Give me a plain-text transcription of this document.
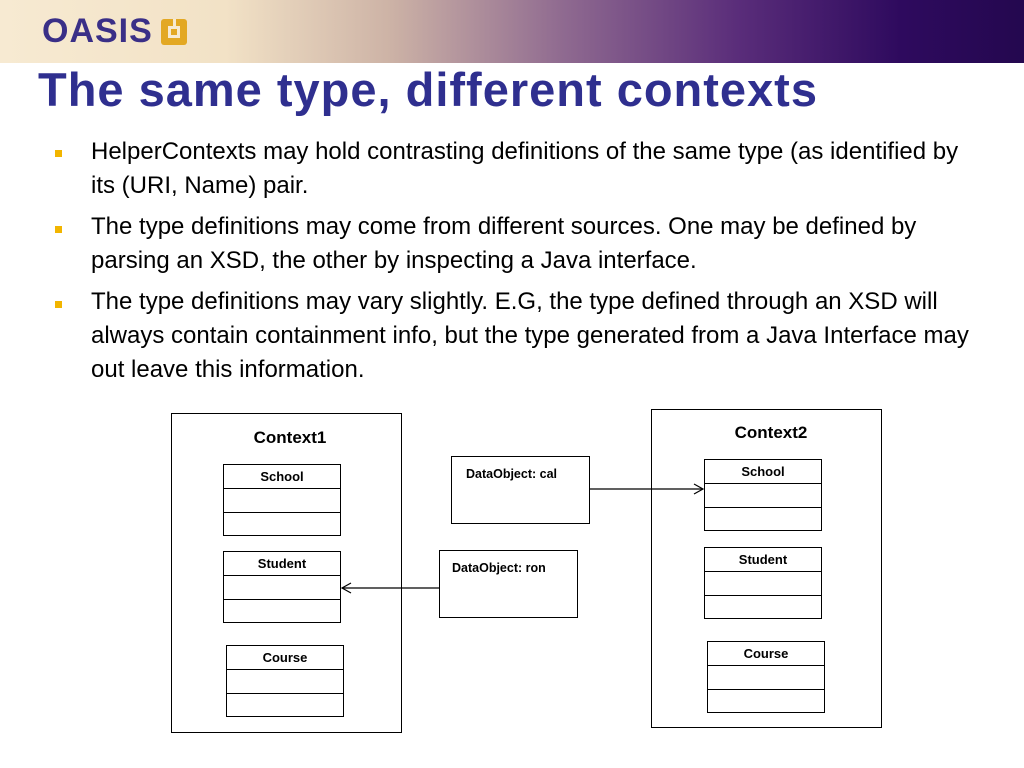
OASIS
The same type, different contexts
HelperContexts may hold contrasting definitions of the same type (as identified by its (URI, Name) pair.
The type definitions may come from different sources. One may be defined by parsing an XSD, the other by inspecting a Java interface.
The type definitions may vary slightly. E.G, the type defined through an XSD will always contain containment info, but the type generated from a Java Interface may out leave this information.
Context1
School
Student
Course
Context2
School
Student
Course
DataObject: cal
DataObject: ron
